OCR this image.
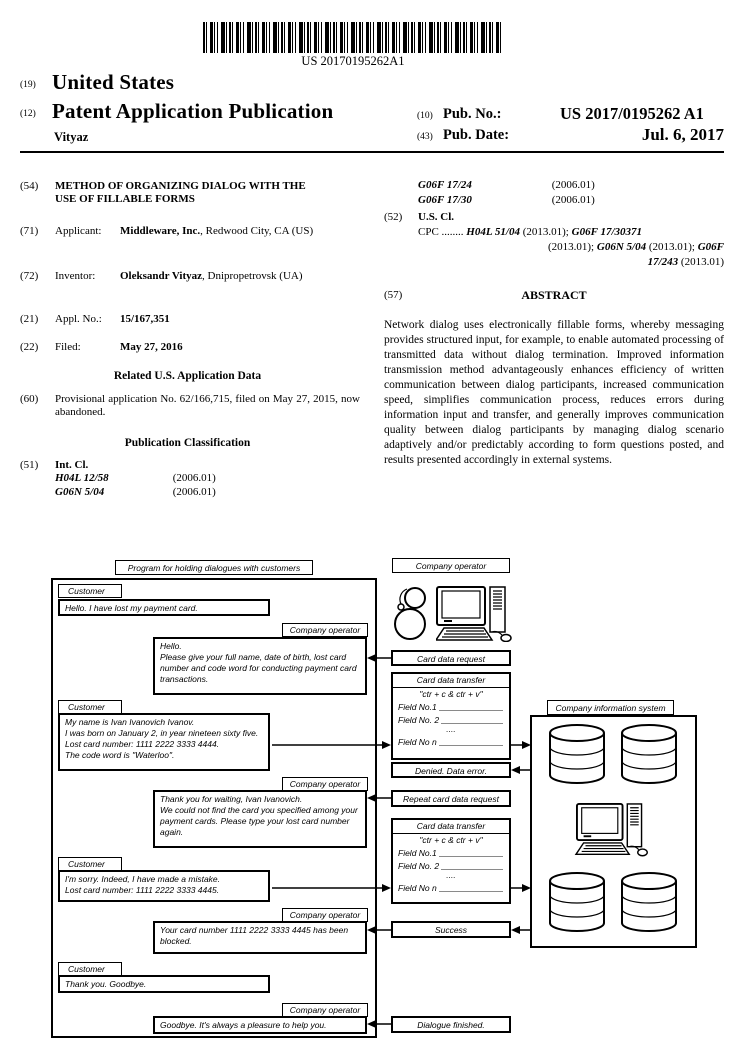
US 20170195262A1
(19) United States
(12) Patent Application Publication
Vityaz
(10) Pub. No.:	US 2017/0195262 A1
(43) Pub. Date:	Jul. 6, 2017
(54)	METHOD OF ORGANIZING DIALOG WITH THE USE OF FILLABLE FORMS
(71)	Applicant: Middleware, Inc., Redwood City, CA (US)
(72)	Inventor: Oleksandr Vityaz, Dnipropetrovsk (UA)
(21)	Appl. No.: 15/167,351
(22)	Filed:	May 27, 2016
Related U.S. Application Data
(60)	Provisional application No. 62/166,715, filed on May 27, 2015, now abandoned.
Publication Classification
(51)	Int. Cl.
H04L 12/58	(2006.01)
G06N 5/04	(2006.01)
G06F 17/24	(2006.01)
G06F 17/30	(2006.01)
(52)	U.S. Cl.
CPC ........ H04L 51/04 (2013.01); G06F 17/30371
(2013.01); G06N 5/04 (2013.01); G06F
17/243 (2013.01)
(57)	ABSTRACT
Network dialog uses electronically fillable forms, whereby messaging provides structured input, for example, to enable automated processing of transmitted data without dialog termination. Improved information transmission method advantageously enhances efficiency of written communication between dialog participants, increased communication speed, simplifies communication process, reduces errors during information input and transfer, and generally improves communication quality between dialog participants by managing dialog scenario adaptively and/or predictably according to form questions posted, and results presented accordingly in external systems.
Program for holding dialogues with customers
Customer
Hello. I have lost my payment card.
Company operator
Hello.
Please give your full name, date of birth, lost card number and code word for conducting payment card transactions.
Customer
My name is Ivan Ivanovich Ivanov.
I was born on January 2, in year nineteen sixty five.
Lost card number: 1111 2222 3333 4444.
The code word is "Waterloo".
Company operator
Thank you for waiting, Ivan Ivanovich.
We could not find the card you specified among your payment cards. Please type your lost card number again.
Customer
I'm sorry. Indeed, I have made a mistake.
Lost card number: 1111 2222 3333 4445.
Company operator
Your card number 1111 2222 3333 4445 has been blocked.
Customer
Thank you. Goodbye.
Company operator
Goodbye. It's always a pleasure to help you.
Company operator
Card data request
Card data transfer
"ctr + c & ctr + v"
Field No.1
Field No. 2
....
Field No n
Denied. Data error.
Repeat card data request
Card data transfer
"ctr + c & ctr + v"
Field No.1
Field No. 2
....
Field No n
Success
Dialogue finished.
Company information system
